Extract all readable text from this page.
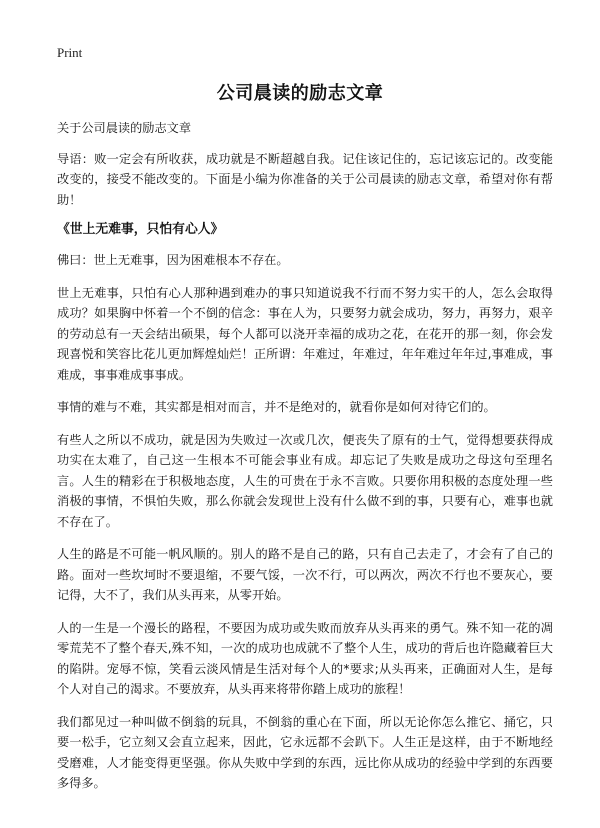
Print
公司晨读的励志文章

关于公司晨读的励志文章

导语：败一定会有所收获，成功就是不断超越自我。记住该记住的，忘记该忘记的。改变能改变的，接受不能改变的。下面是小编为你准备的关于公司晨读的励志文章，希望对你有帮助！

《世上无难事，只怕有心人》

佛曰：世上无难事，因为困难根本不存在。

世上无难事，只怕有心人那种遇到难办的事只知道说我不行而不努力实干的人，怎么会取得成功？如果胸中怀着一个不倒的信念：事在人为，只要努力就会成功，努力，再努力，艰辛的劳动总有一天会结出硕果，每个人都可以浇开幸福的成功之花，在花开的那一刻，你会发现喜悦和笑容比花儿更加辉煌灿烂！正所谓：年难过，年难过，年年难过年年过,事难成，事难成，事事难成事事成。

事情的难与不难，其实都是相对而言，并不是绝对的，就看你是如何对待它们的。

有些人之所以不成功，就是因为失败过一次或几次，便丧失了原有的士气，觉得想要获得成功实在太难了，自己这一生根本不可能会事业有成。却忘记了失败是成功之母这句至理名言。人生的精彩在于积极地态度，人生的可贵在于永不言败。只要你用积极的态度处理一些消极的事情，不惧怕失败，那么你就会发现世上没有什么做不到的事，只要有心，难事也就不存在了。

人生的路是不可能一帆风顺的。别人的路不是自己的路，只有自己去走了，才会有了自己的路。面对一些坎坷时不要退缩，不要气馁，一次不行，可以两次，两次不行也不要灰心，要记得，大不了，我们从头再来，从零开始。

人的一生是一个漫长的路程，不要因为成功或失败而放弃从头再来的勇气。殊不知一花的凋零荒芜不了整个春天,殊不知，一次的成功也成就不了整个人生，成功的背后也许隐藏着巨大的陷阱。宠辱不惊，笑看云淡风情是生活对每个人的*要求;从头再来，正确面对人生，是每个人对自己的渴求。不要放弃，从头再来将带你踏上成功的旅程！

我们都见过一种叫做不倒翁的玩具，不倒翁的重心在下面，所以无论你怎么推它、捅它，只要一松手，它立刻又会直立起来，因此，它永远都不会趴下。人生正是这样，由于不断地经受磨难，人才能变得更坚强。你从失败中学到的东西，远比你从成功的经验中学到的东西要多得多。
